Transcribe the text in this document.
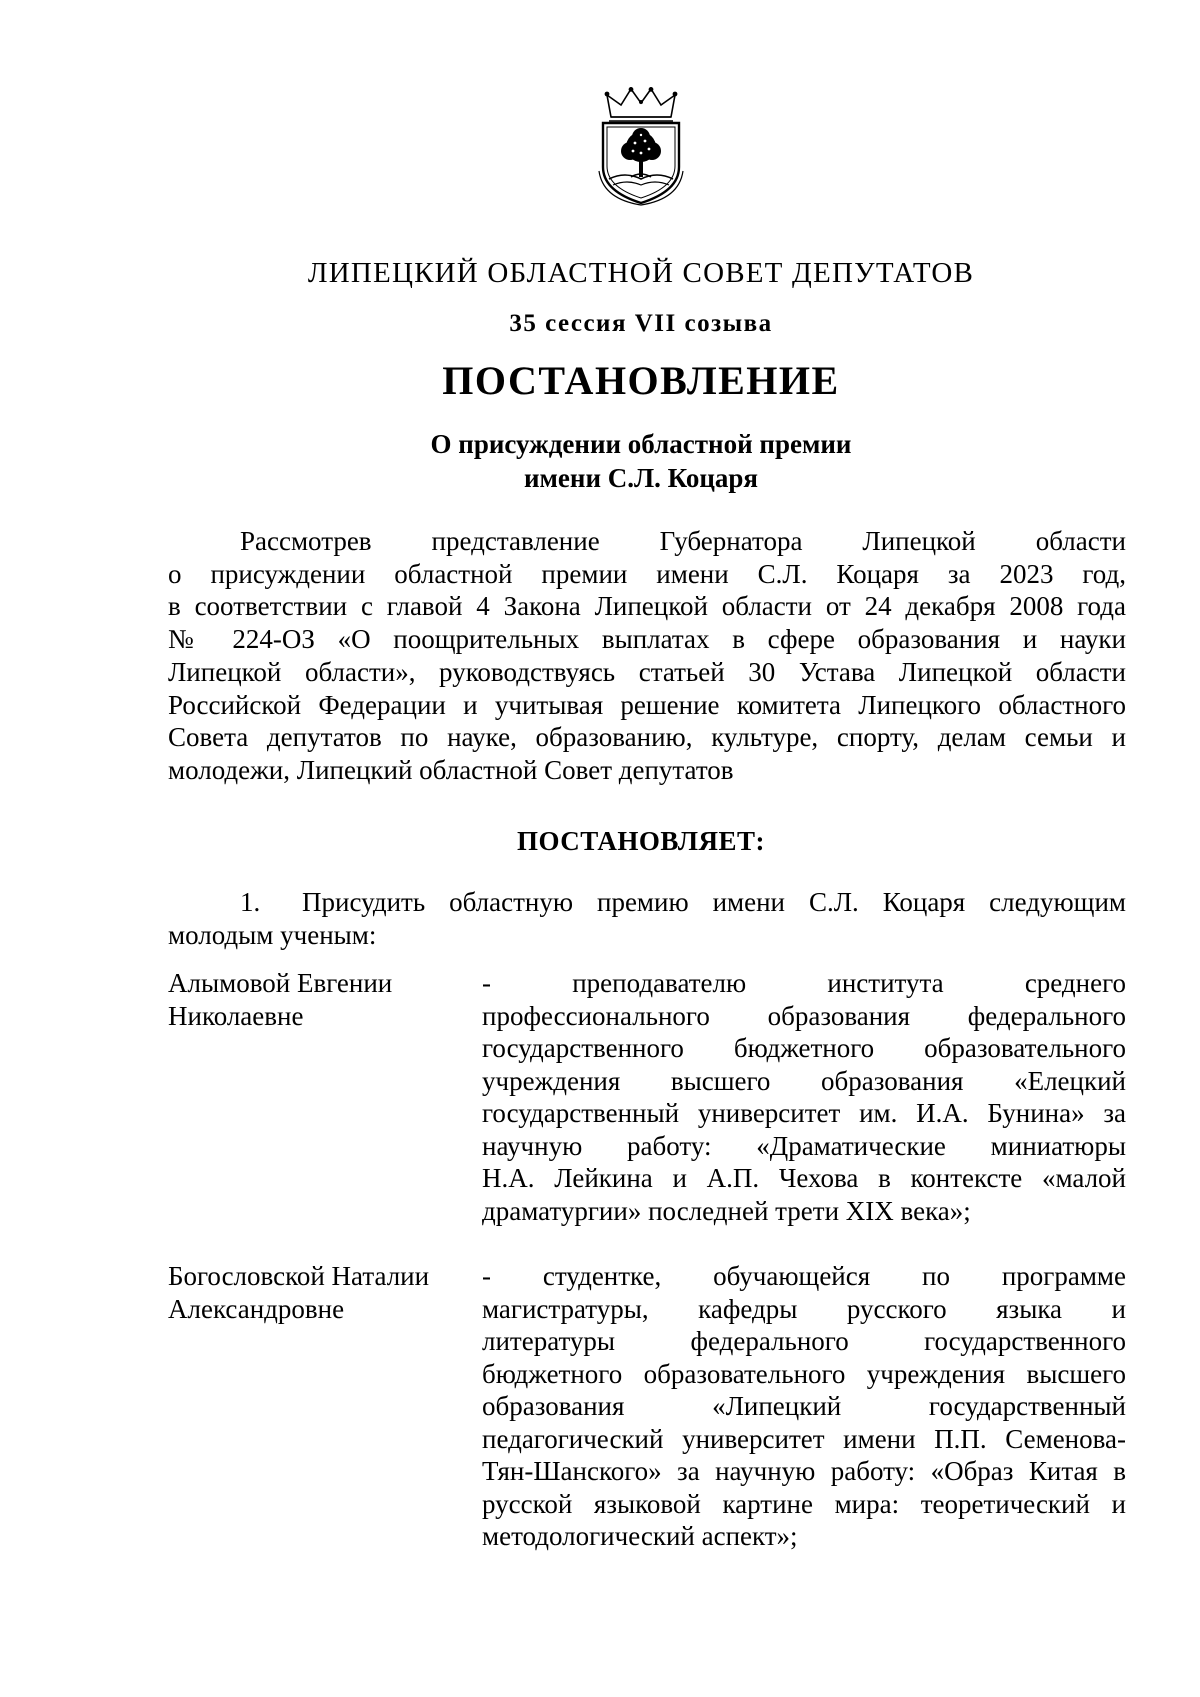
ЛИПЕЦКИЙ ОБЛАСТНОЙ СОВЕТ ДЕПУТАТОВ
35 сессия VII созыва
ПОСТАНОВЛЕНИЕ
О присуждении областной премии
имени С.Л. Коцаря
Рассмотрев представление Губернатора Липецкой области
о присуждении областной премии имени С.Л. Коцаря за 2023 год,
в соответствии с главой 4 Закона Липецкой области от 24 декабря 2008 года
№ 224-ОЗ «О поощрительных выплатах в сфере образования и науки
Липецкой области», руководствуясь статьей 30 Устава Липецкой области
Российской Федерации и учитывая решение комитета Липецкого областного
Совета депутатов по науке, образованию, культуре, спорту, делам семьи и
молодежи, Липецкий областной Совет депутатов
ПОСТАНОВЛЯЕТ:
1. Присудить областную премию имени С.Л. Коцаря следующим
молодым ученым:
Алымовой Евгении
Николаевне
- преподавателю института среднего
профессионального образования федерального
государственного бюджетного образовательного
учреждения высшего образования «Елецкий
государственный университет им. И.А. Бунина» за
научную работу: «Драматические миниатюры
Н.А. Лейкина и А.П. Чехова в контексте «малой
драматургии» последней трети XIX века»;
Богословской Наталии
Александровне
- студентке, обучающейся по программе
магистратуры, кафедры русского языка и
литературы федерального государственного
бюджетного образовательного учреждения высшего
образования «Липецкий государственный
педагогический университет имени П.П. Семенова-
Тян-Шанского» за научную работу: «Образ Китая в
русской языковой картине мира: теоретический и
методологический аспект»;
